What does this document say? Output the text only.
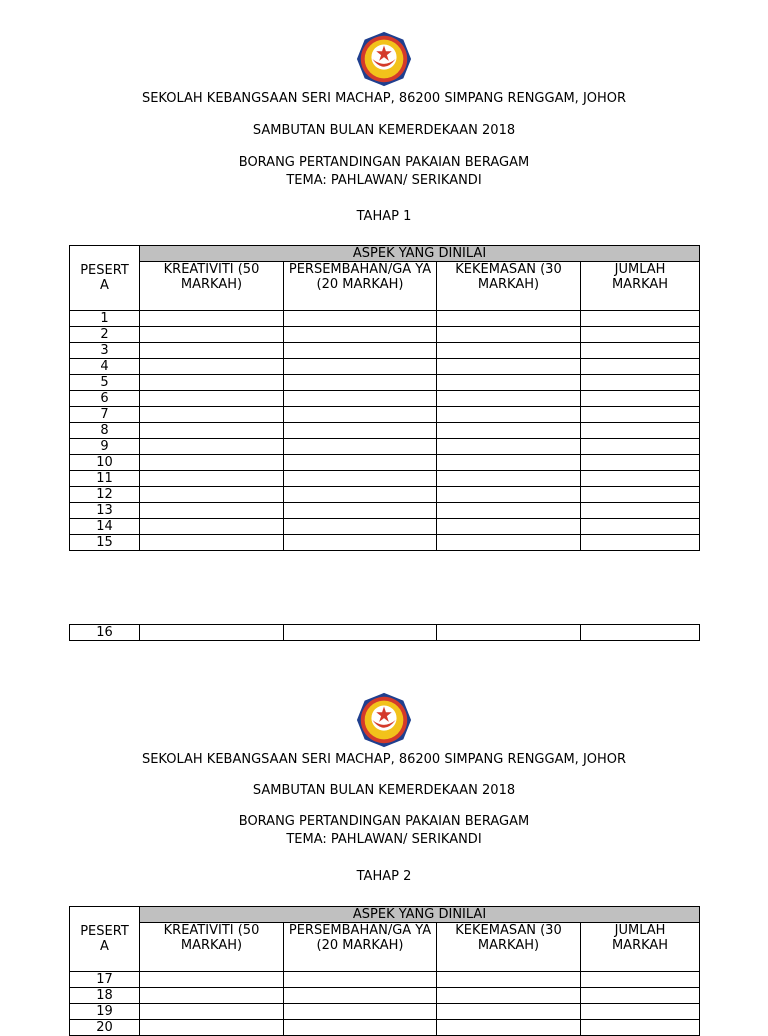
SEKOLAH KEBANGSAAN SERI MACHAP, 86200 SIMPANG RENGGAM, JOHOR
SAMBUTAN BULAN KEMERDEKAAN 2018
BORANG PERTANDINGAN PAKAIAN BERAGAM
TEMA: PAHLAWAN/ SERIKANDI
TAHAP 1
PESERT A	ASPEK YANG DINILAI			
	KREATIVITI (50 MARKAH)	PERSEMBAHAN/GA YA (20 MARKAH)	KEKEMASAN (30 MARKAH)	JUMLAH MARKAH
1				
2				
3				
4				
5				
6				
7				
8				
9				
10				
11				
12				
13				
14				
15				
16				
SEKOLAH KEBANGSAAN SERI MACHAP, 86200 SIMPANG RENGGAM, JOHOR
SAMBUTAN BULAN KEMERDEKAAN 2018
BORANG PERTANDINGAN PAKAIAN BERAGAM
TEMA: PAHLAWAN/ SERIKANDI
TAHAP 2
PESERT A	ASPEK YANG DINILAI			
	KREATIVITI (50 MARKAH)	PERSEMBAHAN/GA YA (20 MARKAH)	KEKEMASAN (30 MARKAH)	JUMLAH MARKAH
17				
18				
19				
20				
